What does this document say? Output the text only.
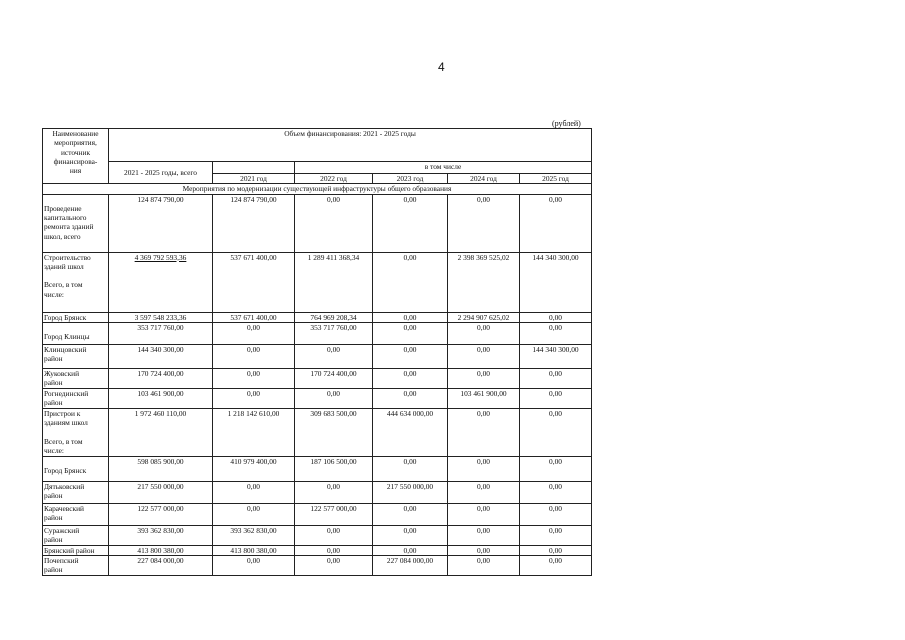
4
(рублей)
Наименование
мероприятия,
источник
финансирова-
ния	Объем финансирования: 2021 - 2025 годы					
	2021 - 2025 годы, всего		в том числе			
		2021 год	2022 год	2023 год	2024 год	2025 год
Мероприятия по модернизации существующей инфраструктуры общего образования						

Проведение
капитального
ремонта зданий
школ, всего	124 874 790,00	124 874 790,00	0,00	0,00	0,00	0,00
Строительство
зданий школ

Всего, в том
числе:	4 369 792 593,36	537 671 400,00	1 289 411 368,34	0,00	2 398 369 525,02	144 340 300,00
Город Брянск	3 597 548 233,36	537 671 400,00	764 969 208,34	0,00	2 294 907 625,02	0,00

Город Клинцы	353 717 760,00	0,00	353 717 760,00	0,00	0,00	0,00
Клинцовский
район	144 340 300,00	0,00	0,00	0,00	0,00	144 340 300,00
Жуковский
район	170 724 400,00	0,00	170 724 400,00	0,00	0,00	0,00
Рогнединский
район	103 461 900,00	0,00	0,00	0,00	103 461 900,00	0,00
Пристрои к
зданиям школ

Всего, в том
числе:	1 972 460 110,00	1 218 142 610,00	309 683 500,00	444 634 000,00	0,00	0,00

Город Брянск	598 085 900,00	410 979 400,00	187 106 500,00	0,00	0,00	0,00
Дятьковский
район	217 550 000,00	0,00	0,00	217 550 000,00	0,00	0,00
Карачевский
район	122 577 000,00	0,00	122 577 000,00	0,00	0,00	0,00
Суражский
район	393 362 830,00	393 362 830,00	0,00	0,00	0,00	0,00
Брянский район	413 800 380,00	413 800 380,00	0,00	0,00	0,00	0,00
Почепский
район	227 084 000,00	0,00	0,00	227 084 000,00	0,00	0,00
